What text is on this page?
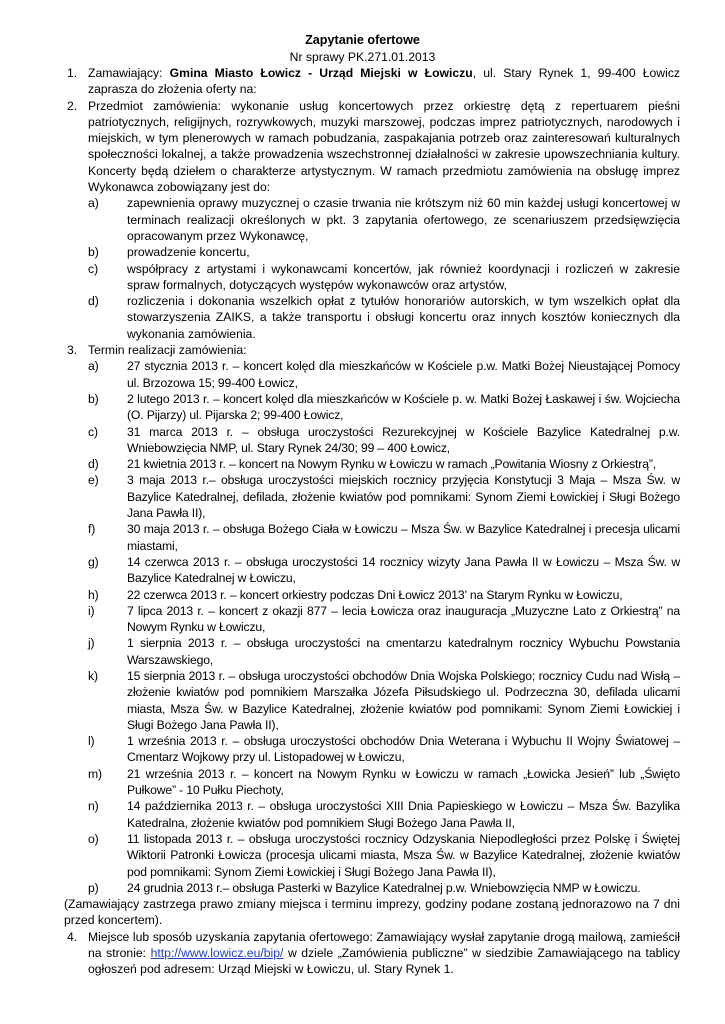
Zapytanie ofertowe
Nr sprawy PK.271.01.2013
1. Zamawiający: Gmina Miasto Łowicz - Urząd Miejski w Łowiczu, ul. Stary Rynek 1, 99-400 Łowicz zaprasza do złożenia oferty na:
2. Przedmiot zamówienia: wykonanie usług koncertowych przez orkiestrę dętą z repertuarem pieśni patriotycznych, religijnych, rozrywkowych, muzyki marszowej, podczas imprez patriotycznych, narodowych i miejskich, w tym plenerowych w ramach pobudzania, zaspakajania potrzeb oraz zainteresowań kulturalnych społeczności lokalnej, a także prowadzenia wszechstronnej działalności w zakresie upowszechniania kultury. Koncerty będą dziełem o charakterze artystycznym. W ramach przedmiotu zamówienia na obsługę imprez Wykonawca zobowiązany jest do:
a) zapewnienia oprawy muzycznej o czasie trwania nie krótszym niż 60 min każdej usługi koncertowej w terminach realizacji określonych w pkt. 3 zapytania ofertowego, ze scenariuszem przedsięwzięcia opracowanym przez Wykonawcę,
b) prowadzenie koncertu,
c) współpracy z artystami i wykonawcami koncertów, jak również koordynacji i rozliczeń w zakresie spraw formalnych, dotyczących występów wykonawców oraz artystów,
d) rozliczenia i dokonania wszelkich opłat z tytułów honorariów autorskich, w tym wszelkich opłat dla stowarzyszenia ZAIKS, a także transportu i obsługi koncertu oraz innych kosztów koniecznych dla wykonania zamówienia.
3. Termin realizacji zamówienia:
a) 27 stycznia 2013 r. – koncert kolęd dla mieszkańców w Kościele p.w. Matki Bożej Nieustającej Pomocy ul. Brzozowa 15; 99-400 Łowicz,
b) 2 lutego 2013 r. – koncert kolęd dla mieszkańców w Kościele p. w. Matki Bożej Łaskawej i św. Wojciecha (O. Pijarzy) ul. Pijarska 2; 99-400 Łowicz,
c) 31 marca 2013 r. – obsługa uroczystości Rezurekcyjnej w Kościele Bazylice Katedralnej p.w. Wniebowzięcia NMP, ul. Stary Rynek 24/30; 99 – 400 Łowicz,
d) 21 kwietnia 2013 r. – koncert na Nowym Rynku w Łowiczu w ramach „Powitania Wiosny z Orkiestrą”,
e) 3 maja 2013 r.– obsługa uroczystości miejskich rocznicy przyjęcia Konstytucji 3 Maja – Msza Św. w Bazylice Katedralnej, defilada, złożenie kwiatów pod pomnikami: Synom Ziemi Łowickiej i Sługi Bożego Jana Pawła II),
f)	30 maja 2013 r. – obsługa Bożego Ciała w Łowiczu – Msza Św. w Bazylice Katedralnej i precesja ulicami miastami,
g) 14 czerwca 2013 r. – obsługa uroczystości 14 rocznicy wizyty Jana Pawła II w Łowiczu – Msza Św. w Bazylice Katedralnej w Łowiczu,
h) 22 czerwca 2013 r. – koncert orkiestry podczas Dni Łowicz 2013’ na Starym Rynku w Łowiczu,
i)	7 lipca 2013 r. – koncert z okazji 877 – lecia Łowicza oraz inauguracja „Muzyczne Lato z Orkiestrą” na Nowym Rynku w Łowiczu,
j)	1 sierpnia 2013 r. – obsługa uroczystości na cmentarzu katedralnym rocznicy Wybuchu Powstania Warszawskiego,
k) 15 sierpnia 2013 r. – obsługa uroczystości obchodów Dnia Wojska Polskiego; rocznicy Cudu nad Wisłą – złożenie kwiatów pod pomnikiem Marszałka Józefa Piłsudskiego ul. Podrzeczna 30, defilada ulicami miasta, Msza Św. w Bazylice Katedralnej, złożenie kwiatów pod pomnikami: Synom Ziemi Łowickiej i Sługi Bożego Jana Pawła II),
l)	1 września 2013 r. – obsługa uroczystości obchodów Dnia Weterana i Wybuchu II Wojny Światowej – Cmentarz Wojkowy przy ul. Listopadowej w Łowiczu,
m) 21 września 2013 r. – koncert na Nowym Rynku w Łowiczu w ramach „Łowicka Jesień” lub „Święto Pułkowe” - 10 Pułku Piechoty,
n) 14 października 2013 r. – obsługa uroczystości XIII Dnia Papieskiego w Łowiczu – Msza Św. Bazylika Katedralna, złożenie kwiatów pod pomnikiem Sługi Bożego Jana Pawła II,
o) 11 listopada 2013 r. – obsługa uroczystości rocznicy Odzyskania Niepodległości przez Polskę i Świętej Wiktorii Patronki Łowicza (procesja ulicami miasta, Msza Św. w Bazylice Katedralnej, złożenie kwiatów pod pomnikami: Synom Ziemi Łowickiej i Sługi Bożego Jana Pawła II),
p) 24 grudnia 2013 r.– obsługa Pasterki w Bazylice Katedralnej p.w. Wniebowzięcia NMP w Łowiczu.
(Zamawiający zastrzega prawo zmiany miejsca i terminu imprezy, godziny podane zostaną jednorazowo na 7 dni przed koncertem).
4. Miejsce lub sposób uzyskania zapytania ofertowego: Zamawiający wysłał zapytanie drogą mailową, zamieścił na stronie: http://www.lowicz.eu/bip/ w dziele „Zamówienia publiczne” w siedzibie Zamawiającego na tablicy ogłoszeń pod adresem: Urząd Miejski w Łowiczu, ul. Stary Rynek 1.
